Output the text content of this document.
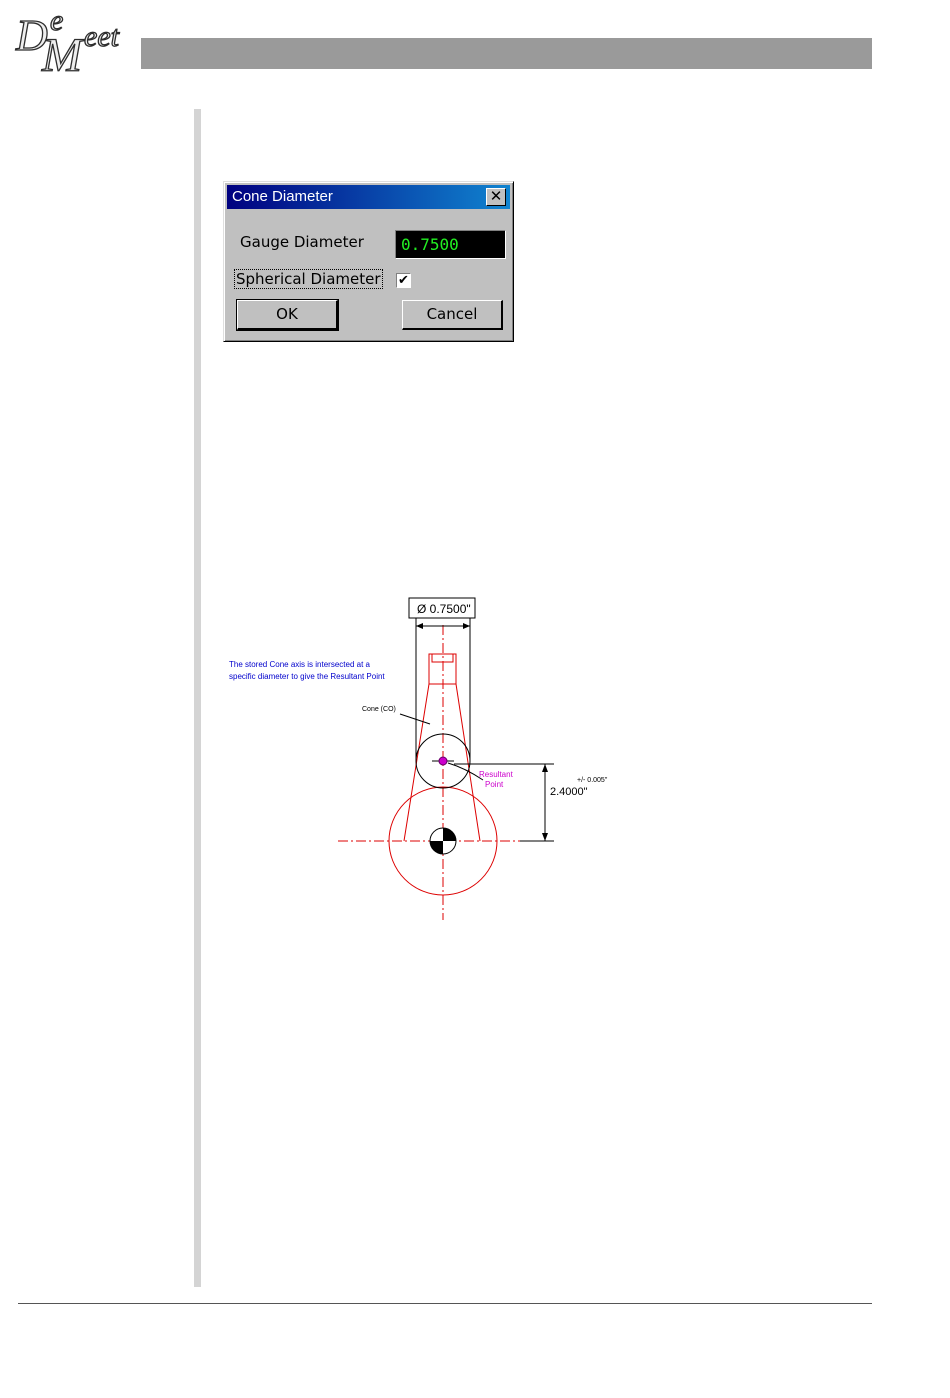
D e
M eet
Cone Diameter	✕
Gauge Diameter	0.7500
Spherical Diameter ✔
OK	Cancel
Ø 0.7500"
2.4000"
+/- 0.005"
The stored Cone axis is intersected at a
specific diameter to give the Resultant Point
Cone (CO)
Resultant
Point
